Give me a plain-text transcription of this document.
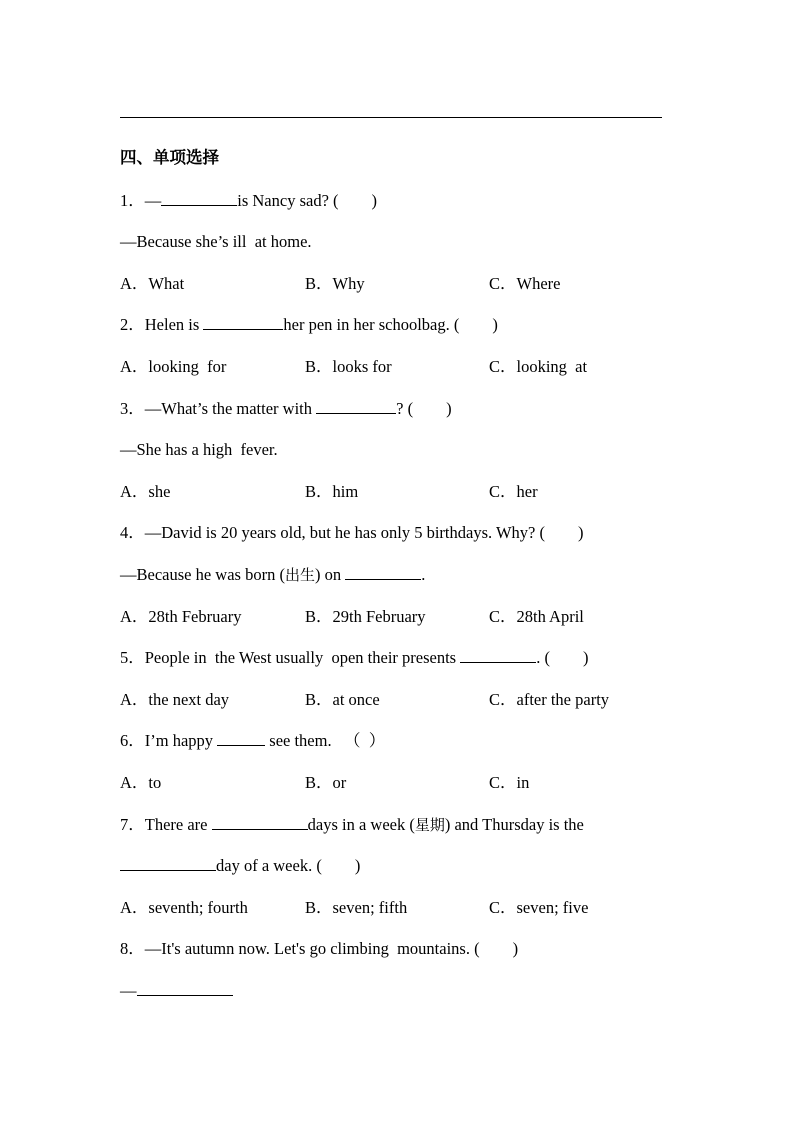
四、单项选择
1．—	is Nancy sad? (        )
—Because she’s ill  at home.
A．What	B．Why	C．Where
2．Helen is	her pen in her schoolbag. (        )
A．looking  for	B．looks for	C．looking  at
3．—What’s the matter with	? (        )
—She has a high  fever.
A．she	B．him	C．her
4．—David is 20 years old, but he has only 5 birthdays. Why? (        )
—Because he was born (出生) on	.
A．28th February	B．29th February	C．28th April
5．People in  the West usually  open their presents	. (        )
A．the next day	B．at once	C．after the party
6．I’m happy	see them.   （  ）
A．to	B．or	C．in
7．There are	days in a week (星期) and Thursday is the
day of a week. (        )
A．seventh; fourth	B．seven; fifth	C．seven; five
8．—It's autumn now. Let's go climbing  mountains. (        )
—
